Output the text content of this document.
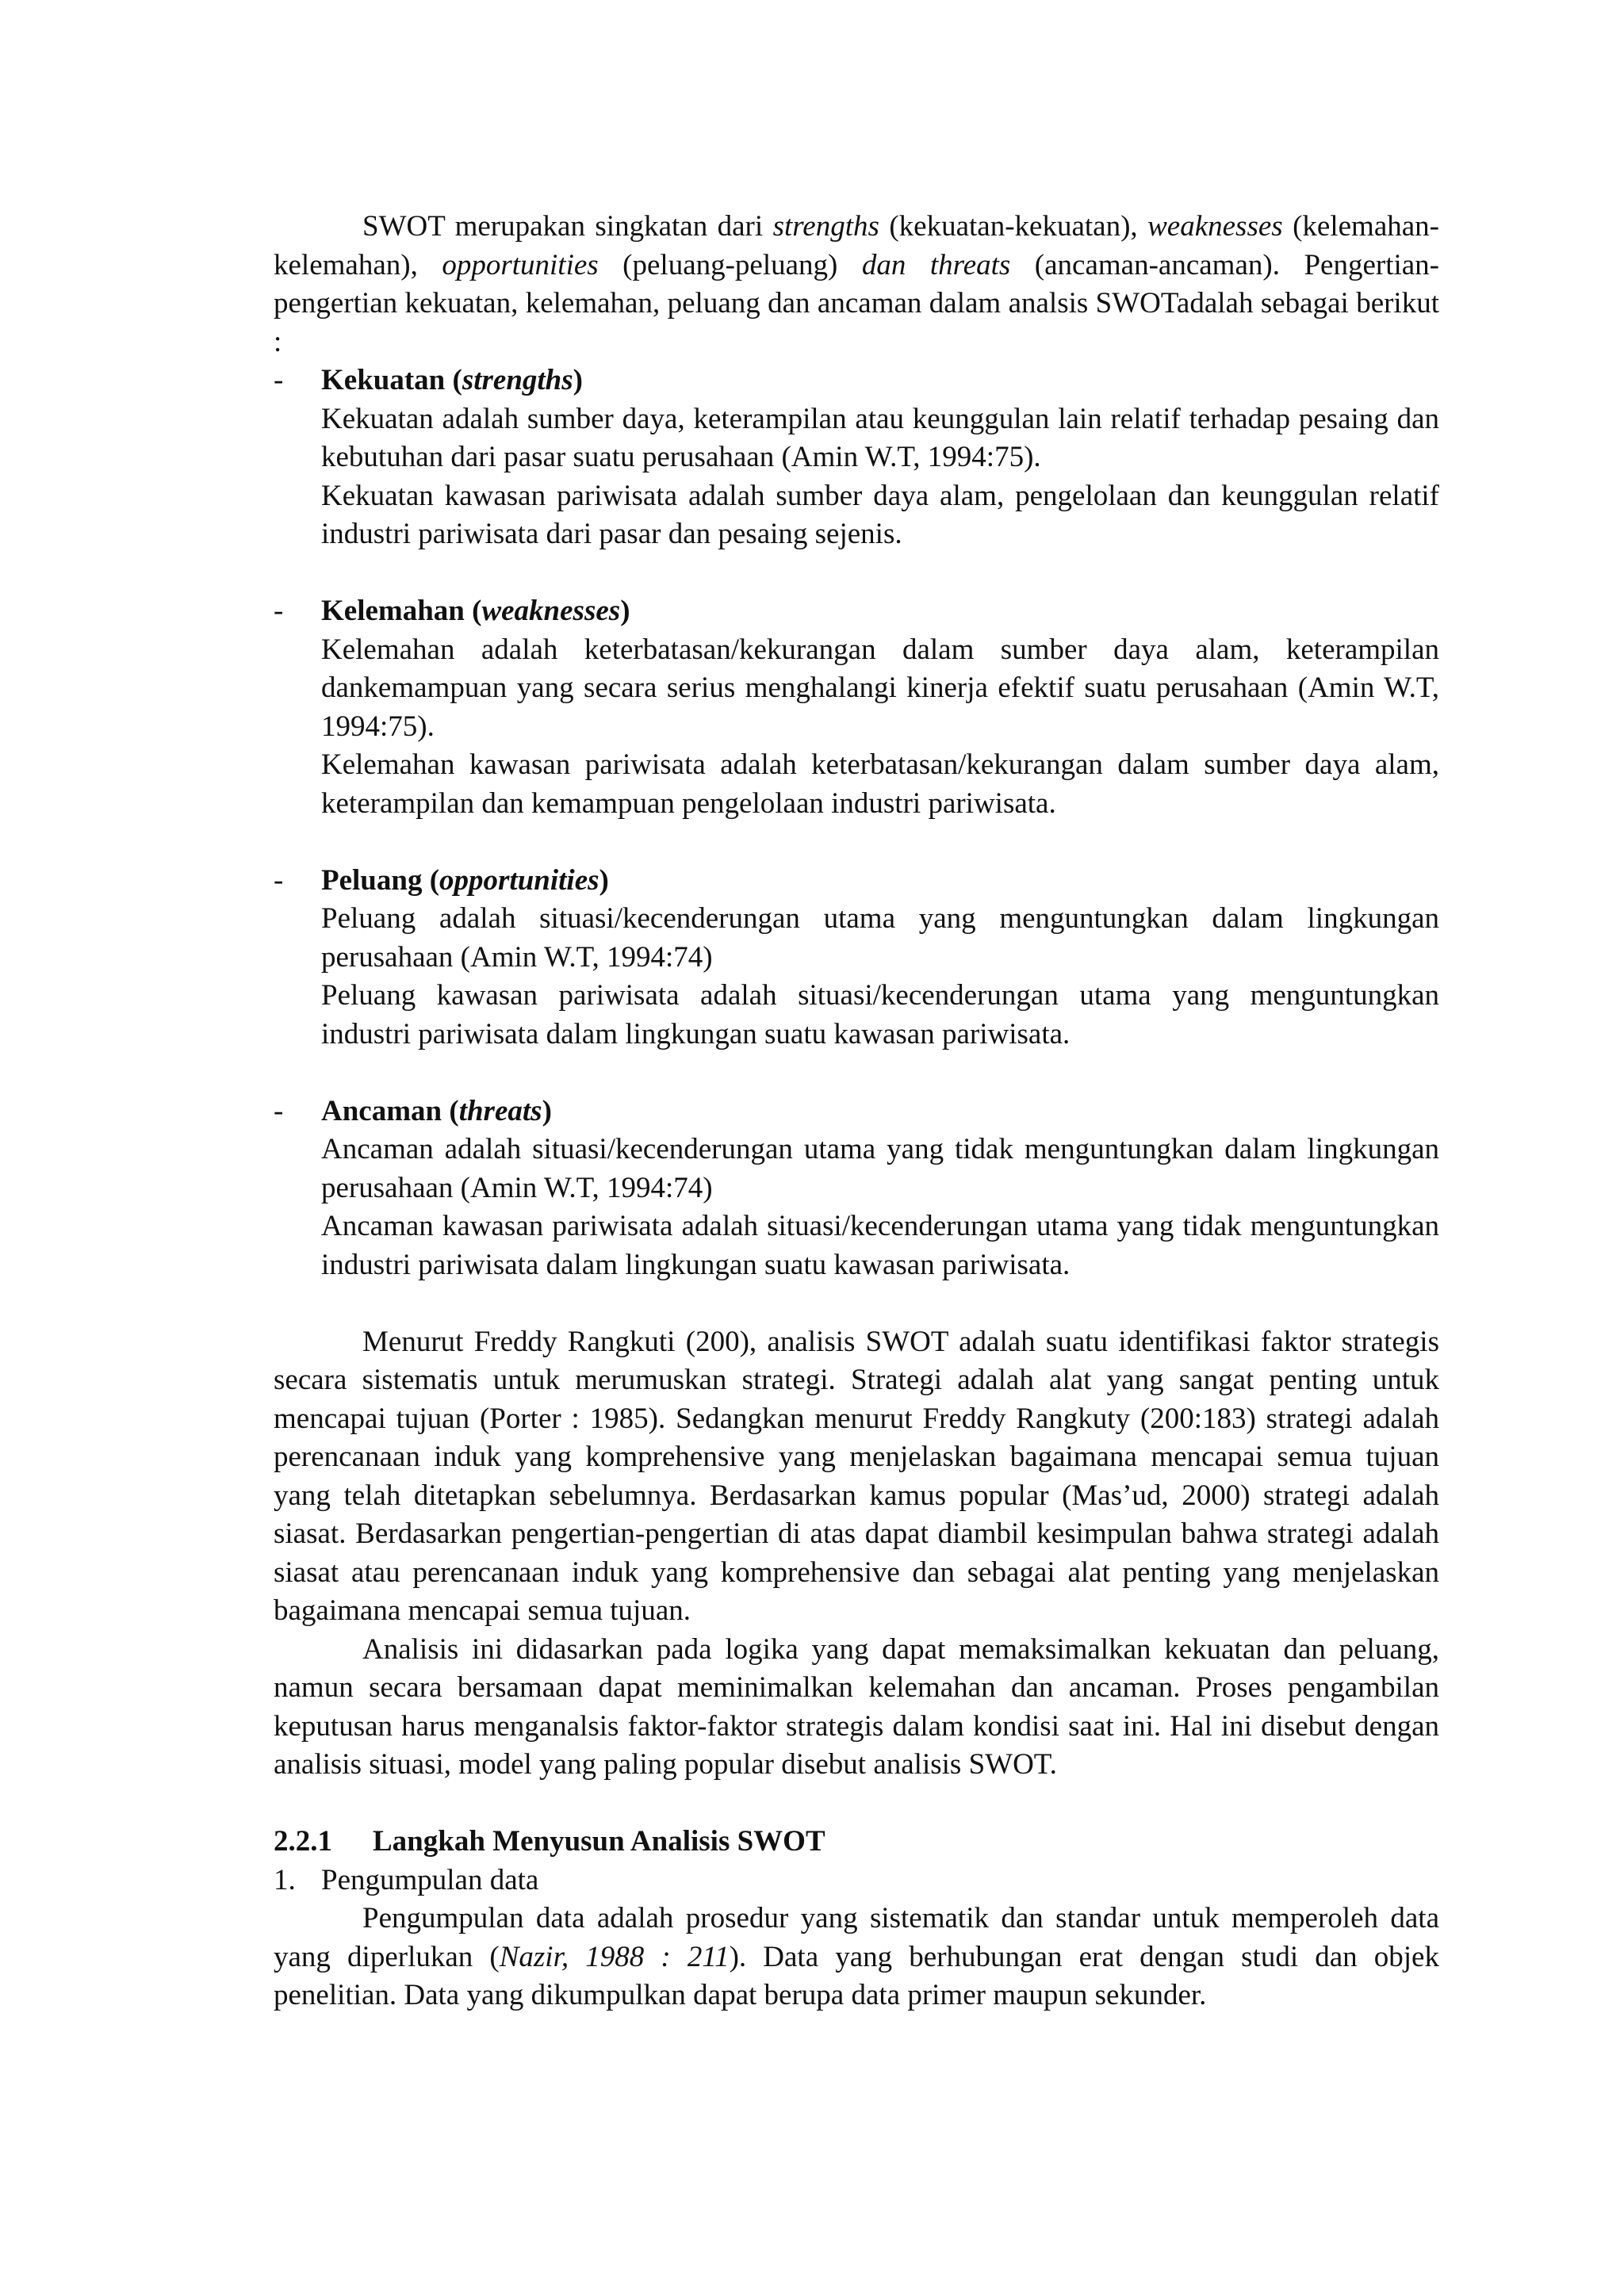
SWOT merupakan singkatan dari strengths (kekuatan-kekuatan), weaknesses (kelemahan-kelemahan), opportunities (peluang-peluang) dan threats (ancaman-ancaman). Pengertian-pengertian kekuatan, kelemahan, peluang dan ancaman dalam analsis SWOTadalah sebagai berikut :

- Kekuatan (strengths)

Kekuatan adalah sumber daya, keterampilan atau keunggulan lain relatif terhadap pesaing dan kebutuhan dari pasar suatu perusahaan (Amin W.T, 1994:75).

Kekuatan kawasan pariwisata adalah sumber daya alam, pengelolaan dan keunggulan relatif industri pariwisata dari pasar dan pesaing sejenis.

- Kelemahan (weaknesses)

Kelemahan adalah keterbatasan/kekurangan dalam sumber daya alam, keterampilan dankemampuan yang secara serius menghalangi kinerja efektif suatu perusahaan (Amin W.T, 1994:75).

Kelemahan kawasan pariwisata adalah keterbatasan/kekurangan dalam sumber daya alam, keterampilan dan kemampuan pengelolaan industri pariwisata.

- Peluang (opportunities)

Peluang adalah situasi/kecenderungan utama yang menguntungkan dalam lingkungan perusahaan (Amin W.T, 1994:74)

Peluang kawasan pariwisata adalah situasi/kecenderungan utama yang menguntungkan industri pariwisata dalam lingkungan suatu kawasan pariwisata.

- Ancaman (threats)

Ancaman adalah situasi/kecenderungan utama yang tidak menguntungkan dalam lingkungan perusahaan (Amin W.T, 1994:74)

Ancaman kawasan pariwisata adalah situasi/kecenderungan utama yang tidak menguntungkan industri pariwisata dalam lingkungan suatu kawasan pariwisata.

Menurut Freddy Rangkuti (200), analisis SWOT adalah suatu identifikasi faktor strategis secara sistematis untuk merumuskan strategi. Strategi adalah alat yang sangat penting untuk mencapai tujuan (Porter : 1985). Sedangkan menurut Freddy Rangkuty (200:183) strategi adalah perencanaan induk yang komprehensive yang menjelaskan bagaimana mencapai semua tujuan yang telah ditetapkan sebelumnya. Berdasarkan kamus popular (Mas’ud, 2000) strategi adalah siasat. Berdasarkan pengertian-pengertian di atas dapat diambil kesimpulan bahwa strategi adalah siasat atau perencanaan induk yang komprehensive dan sebagai alat penting yang menjelaskan bagaimana mencapai semua tujuan.

Analisis ini didasarkan pada logika yang dapat memaksimalkan kekuatan dan peluang, namun secara bersamaan dapat meminimalkan kelemahan dan ancaman. Proses pengambilan keputusan harus menganalsis faktor-faktor strategis dalam kondisi saat ini. Hal ini disebut dengan analisis situasi, model yang paling popular disebut analisis SWOT.

2.2.1 Langkah Menyusun Analisis SWOT

1. Pengumpulan data

Pengumpulan data adalah prosedur yang sistematik dan standar untuk memperoleh data yang diperlukan (Nazir, 1988 : 211). Data yang berhubungan erat dengan studi dan objek penelitian. Data yang dikumpulkan dapat berupa data primer maupun sekunder.
